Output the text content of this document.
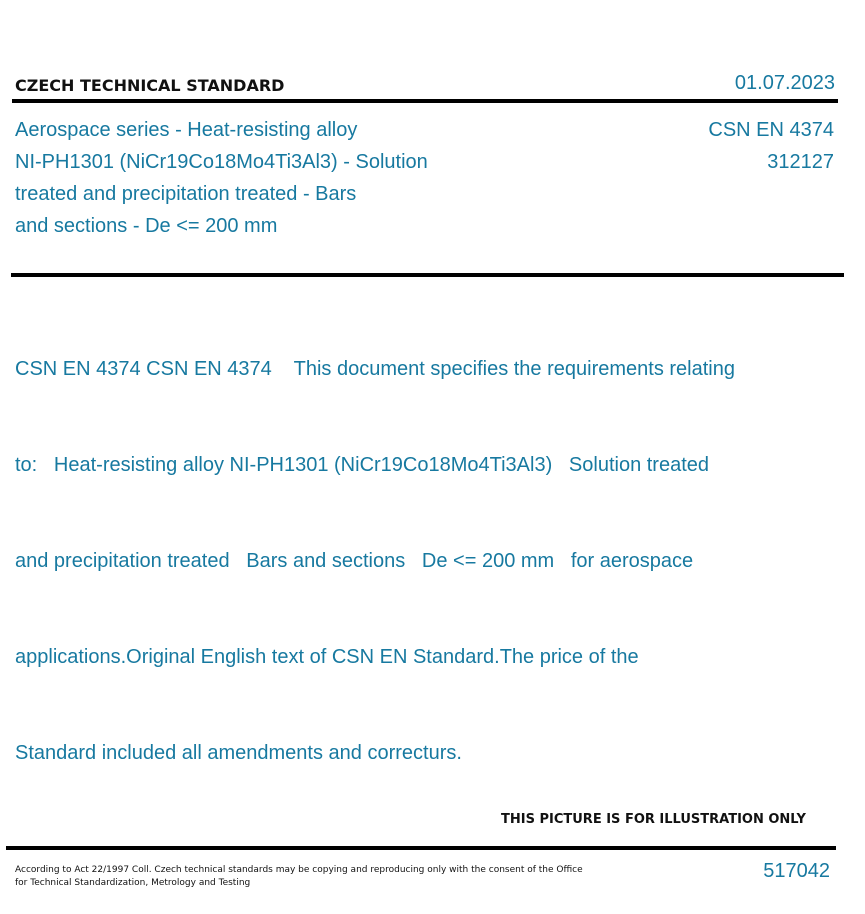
CZECH TECHNICAL STANDARD	01.07.2023
Aerospace series - Heat-resisting alloy
NI-PH1301 (NiCr19Co18Mo4Ti3Al3) - Solution
treated and precipitation treated - Bars
and sections - De <= 200 mm
CSN EN 4374
312127

CSN EN 4374 CSN EN 4374    This document specifies the requirements relating

to:   Heat-resisting alloy NI-PH1301 (NiCr19Co18Mo4Ti3Al3)   Solution treated

and precipitation treated   Bars and sections   De <= 200 mm   for aerospace

applications.Original English text of CSN EN Standard.The price of the

Standard included all amendments and correcturs.

THIS PICTURE IS FOR ILLUSTRATION ONLY
According to Act 22/1997 Coll. Czech technical standards may be copying and reproducing only with the consent of the Office
for Technical Standardization, Metrology and Testing
517042
